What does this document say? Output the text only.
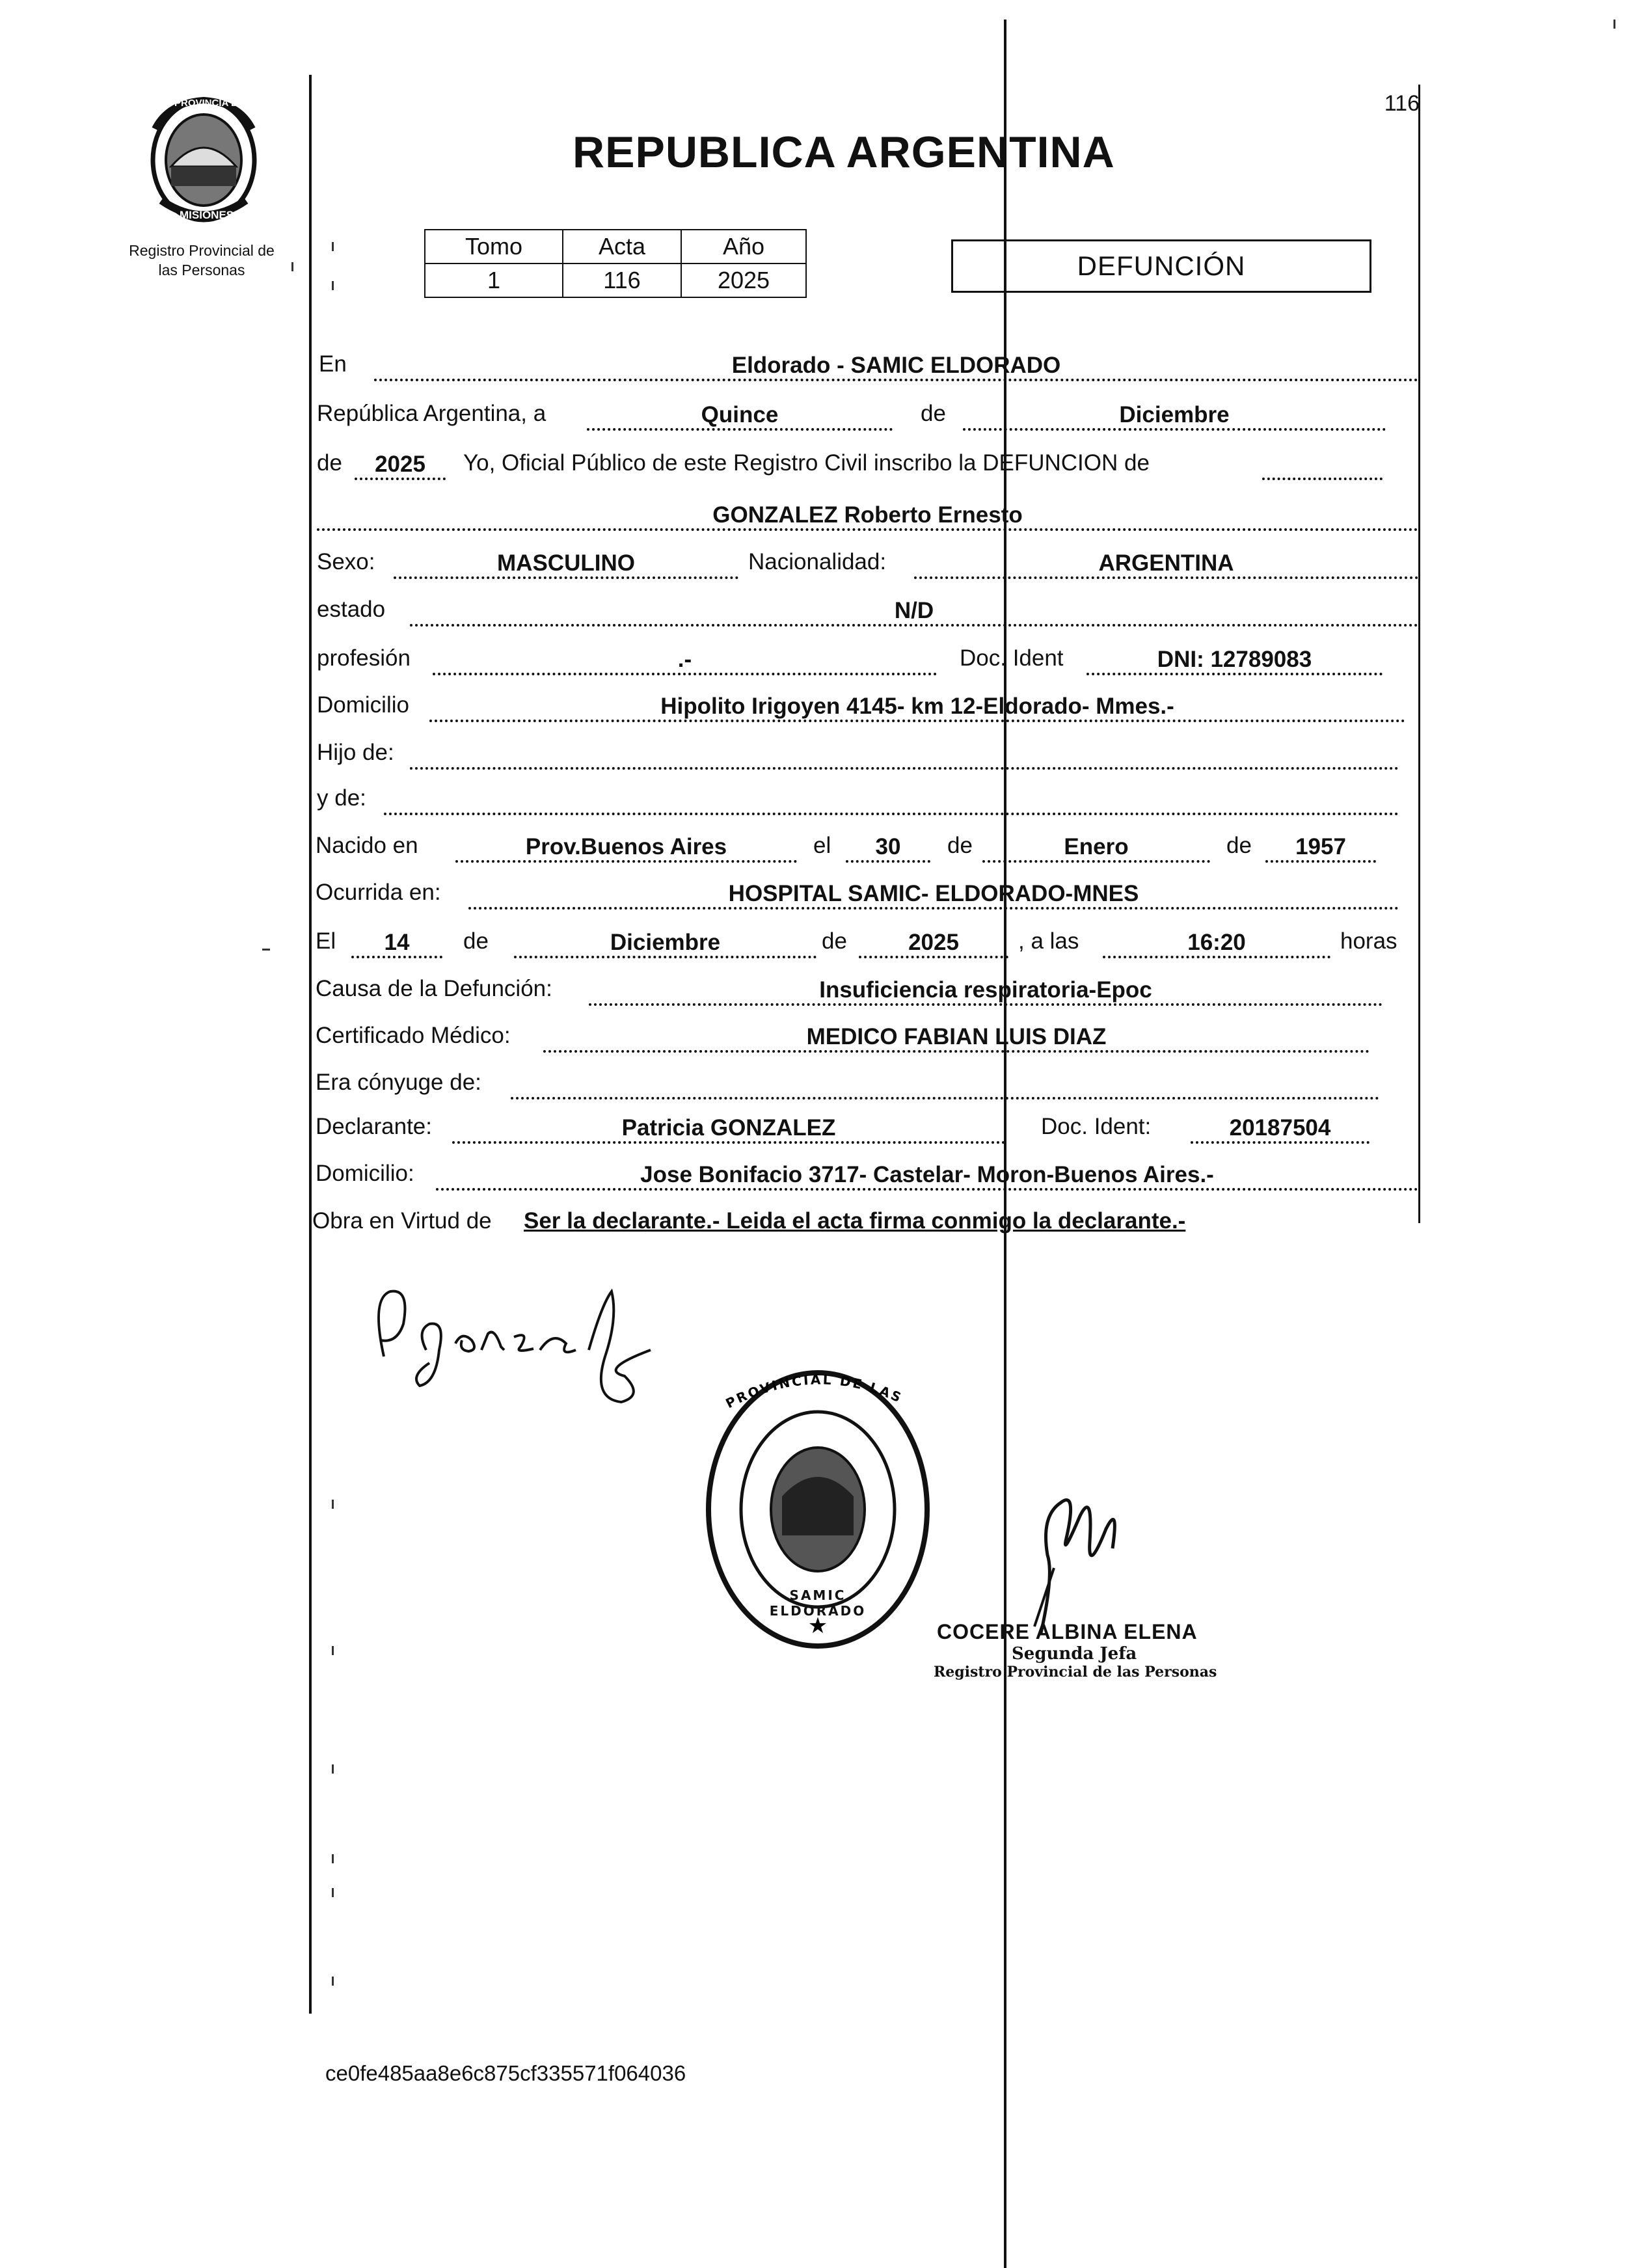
PROVINCIA DE
MISIONES
Registro Provincial de
las Personas
REPUBLICA ARGENTINA
116
Tomo	Acta	Año
1	116	2025	DEFUNCIÓN
En	Eldorado - SAMIC ELDORADO
República Argentina, a	Quince	de	Diciembre
de	2025	Yo, Oficial Público de este Registro Civil inscribo la DEFUNCION de
GONZALEZ Roberto Ernesto
Sexo:	MASCULINO	Nacionalidad:	ARGENTINA
estado	N/D
profesión	.-	Doc. Ident	DNI: 12789083
Domicilio	Hipolito Irigoyen 4145- km 12-Eldorado- Mmes.-
Hijo de:
y de:
Nacido en	Prov.Buenos Aires	el	30	de	Enero	de	1957
Ocurrida en:	HOSPITAL SAMIC- ELDORADO-MNES
El	14	de	Diciembre	de	2025	, a las	16:20	horas
Causa de la Defunción:	Insuficiencia respiratoria-Epoc
Certificado Médico:	MEDICO FABIAN LUIS DIAZ
Era cónyuge de:
Declarante:	Patricia GONZALEZ	Doc. Ident:	20187504
Domicilio:	Jose Bonifacio 3717- Castelar- Moron-Buenos Aires.-
Obra en Virtud de Ser la declarante.- Leida el acta firma conmigo la declarante.-
★
SAMIC ELDORADO
PROVINCIAL DE LAS
COCERE ALBINA ELENA
Segunda Jefa
Registro Provincial de las Personas
ce0fe485aa8e6c875cf335571f064036
